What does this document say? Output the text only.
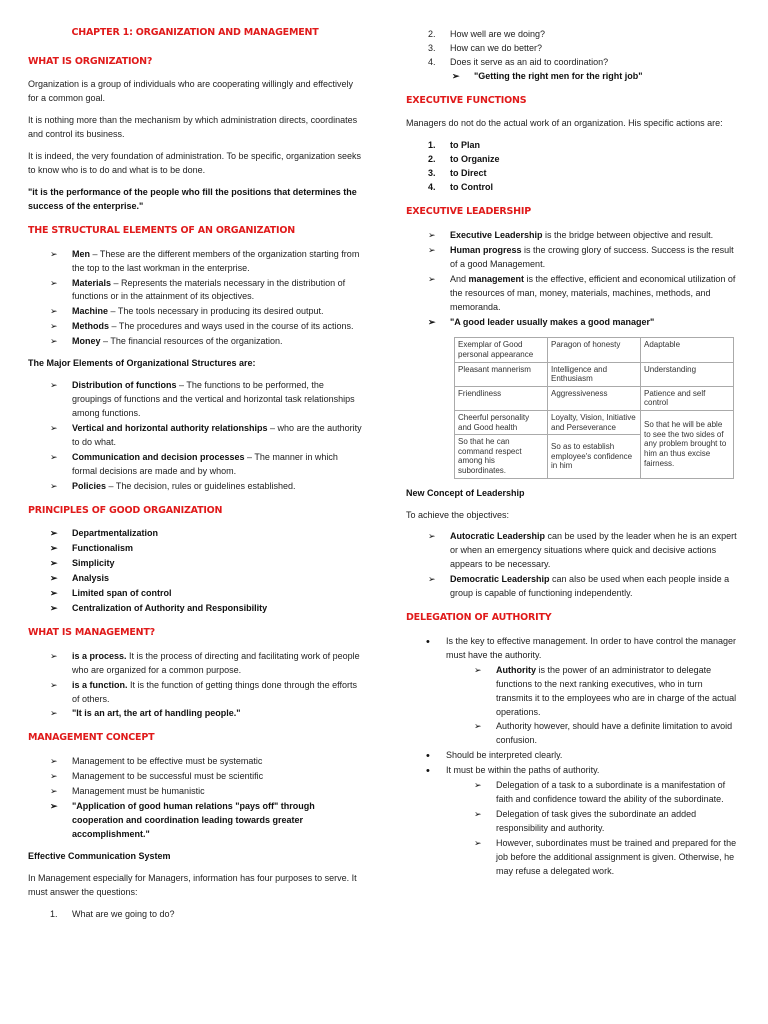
CHAPTER 1: ORGANIZATION AND MANAGEMENT
WHAT IS ORGNIZATION?

Organization is a group of individuals who are cooperating willingly and effectively for a common goal.

It is nothing more than the mechanism by which administration directs, coordinates and control its business.

It is indeed, the very foundation of administration. To be specific, organization seeks to know who is to do and what is to be done.

"it is the performance of the people who fill the positions that determines the success of the enterprise."

THE STRUCTURAL ELEMENTS OF AN ORGANIZATION
➢ Men – These are the different members of the organization starting from the top to the last workman in the enterprise.
➢ Materials – Represents the materials necessary in the distribution of functions or in the attainment of its objectives.
➢ Machine – The tools necessary in producing its desired output.
➢ Methods – The procedures and ways used in the course of its actions.
➢ Money – The financial resources of the organization.
The Major Elements of Organizational Structures are:
➢ Distribution of functions – The functions to be performed, the groupings of functions and the vertical and horizontal task relationships among functions.
➢ Vertical and horizontal authority relationships – who are the authority to do what.
➢ Communication and decision processes – The manner in which formal decisions are made and by whom.
➢ Policies – The decision, rules or guidelines established.
PRINCIPLES OF GOOD ORGANIZATION
➢ Departmentalization
➢ Functionalism
➢ Simplicity
➢ Analysis
➢ Limited span of control
➢ Centralization of Authority and Responsibility
WHAT IS MANAGEMENT?
➢ is a process. It is the process of directing and facilitating work of people who are organized for a common purpose.
➢ is a function. It is the function of getting things done through the efforts of others.
➢ "It is an art, the art of handling people."
MANAGEMENT CONCEPT
➢ Management to be effective must be systematic
➢ Management to be successful must be scientific
➢ Management must be humanistic
➢ "Application of good human relations "pays off" through cooperation and coordination leading towards greater accomplishment."
Effective Communication System

In Management especially for Managers, information has four purposes to serve. It must answer the questions:

1.	What are we going to do?
2.	How well are we doing?
3.	How can we do better?
4.	Does it serve as an aid to coordination?
➢ "Getting the right men for the right job"
EXECUTIVE FUNCTIONS

Managers do not do the actual work of an organization. His specific actions are:

1.	to Plan
2.	to Organize
3.	to Direct
4.	to Control
EXECUTIVE LEADERSHIP
➢ Executive Leadership is the bridge between objective and result.
➢ Human progress is the crowing glory of success. Success is the result of a good Management.
➢ And management is the effective, efficient and economical utilization of the resources of man, money, materials, machines, methods, and memoranda.
➢ "A good leader usually makes a good manager"
Exemplar of Good personal appearance	Paragon of honesty	Adaptable
Pleasant mannerism	Intelligence and Enthusiasm	Understanding
Friendliness	Aggressiveness	Patience and self control
Cheerful personality and Good health	Loyalty, Vision, Initiative and Perseverance	So that he will be able to see the two sides of any problem brought to him an thus excise fairness.
So that he can command respect among his subordinates.	So as to establish employee's confidence in him	
New Concept of Leadership

To achieve the objectives:

➢ Autocratic Leadership can be used by the leader when he is an expert or when an emergency situations where quick and decisive actions appears to be necessary.
➢ Democratic Leadership can also be used when each people inside a group is capable of functioning independently.
DELEGATION OF AUTHORITY
• Is the key to effective management. In order to have control the manager must have the authority.
➢ Authority is the power of an administrator to delegate functions to the next ranking executives, who in turn transmits it to the employees who are in charge of the actual operations.
➢ Authority however, should have a definite limitation to avoid confusion.
• Should be interpreted clearly.
• It must be within the paths of authority.
➢ Delegation of a task to a subordinate is a manifestation of faith and confidence toward the ability of the subordinate.
➢ Delegation of task gives the subordinate an added responsibility and authority.
➢ However, subordinates must be trained and prepared for the job before the additional assignment is given. Otherwise, he may refuse a delegated work.
